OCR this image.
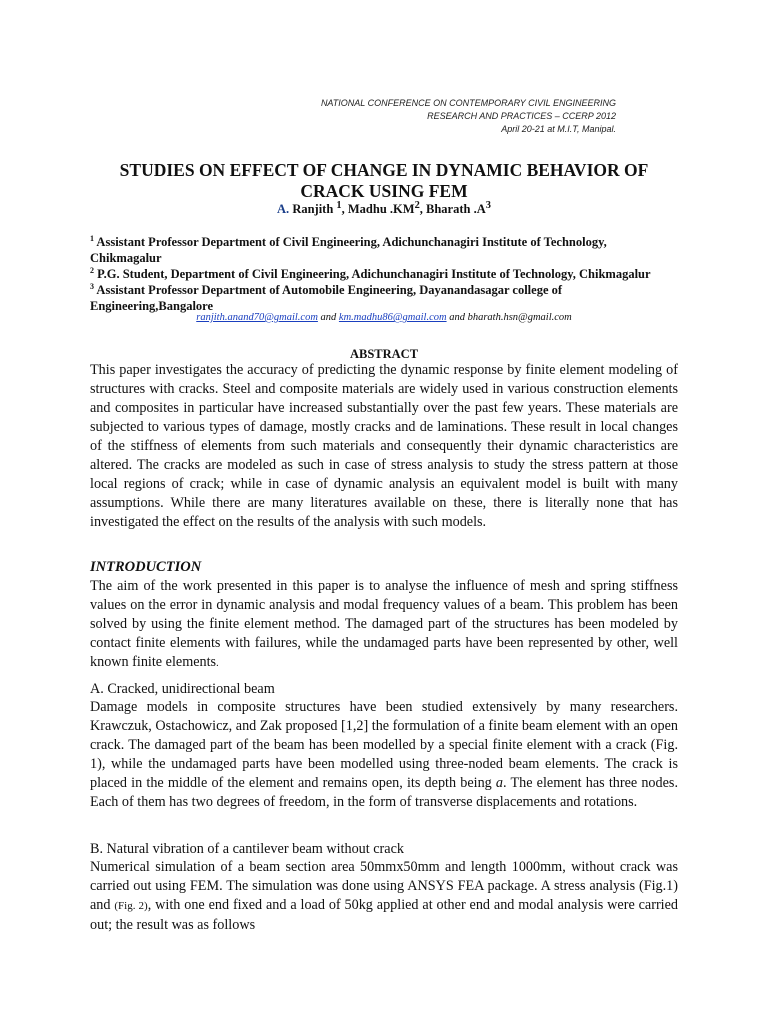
NATIONAL CONFERENCE ON CONTEMPORARY CIVIL ENGINEERING
RESEARCH AND PRACTICES – CCERP 2012
April 20-21 at M.I.T, Manipal.
STUDIES ON EFFECT OF CHANGE IN DYNAMIC BEHAVIOR OF CRACK USING FEM
A. Ranjith $^1$, Madhu $.KM^2$, Bharath $.A^3$
$^1$ Assistant Professor Department of Civil Engineering, Adichunchanagiri Institute of Technology, Chikmagalur
$^2$ P.G. Student, Department of Civil Engineering, Adichunchanagiri Institute of Technology, Chikmagalur
$^3$ Assistant Professor Department of Automobile Engineering, Dayanandasagar college of Engineering,Bangalore
ranjith.anand70@gmail.com and km.madhu86@gmail.com and bharath.hsn@gmail.com
ABSTRACT
This paper investigates the accuracy of predicting the dynamic response by finite element modeling of structures with cracks. Steel and composite materials are widely used in various construction elements and composites in particular have increased substantially over the past few years. These materials are subjected to various types of damage, mostly cracks and de laminations. These result in local changes of the stiffness of elements from such materials and consequently their dynamic characteristics are altered. The cracks are modeled as such in case of stress analysis to study the stress pattern at those local regions of crack; while in case of dynamic analysis an equivalent model is built with many assumptions. While there are many literatures available on these, there is literally none that has investigated the effect on the results of the analysis with such models.
INTRODUCTION
The aim of the work presented in this paper is to analyse the influence of mesh and spring stiffness values on the error in dynamic analysis and modal frequency values of a beam. This problem has been solved by using the finite element method. The damaged part of the structures has been modeled by contact finite elements with failures, while the undamaged parts have been represented by other, well known finite elements.
A. Cracked, unidirectional beam
Damage models in composite structures have been studied extensively by many researchers. Krawczuk, Ostachowicz, and Zak proposed [1,2] the formulation of a finite beam element with an open crack. The damaged part of the beam has been modelled by a special finite element with a crack (Fig. 1), while the undamaged parts have been modelled using three-noded beam elements. The crack is placed in the middle of the element and remains open, its depth being a. The element has three nodes. Each of them has two degrees of freedom, in the form of transverse displacements and rotations.
B. Natural vibration of a cantilever beam without crack
Numerical simulation of a beam section area 50mmx50mm and length 1000mm, without crack was carried out using FEM. The simulation was done using ANSYS FEA package. A stress analysis (Fig.1) and (Fig. 2), with one end fixed and a load of 50kg applied at other end and modal analysis were carried out; the result was as follows
